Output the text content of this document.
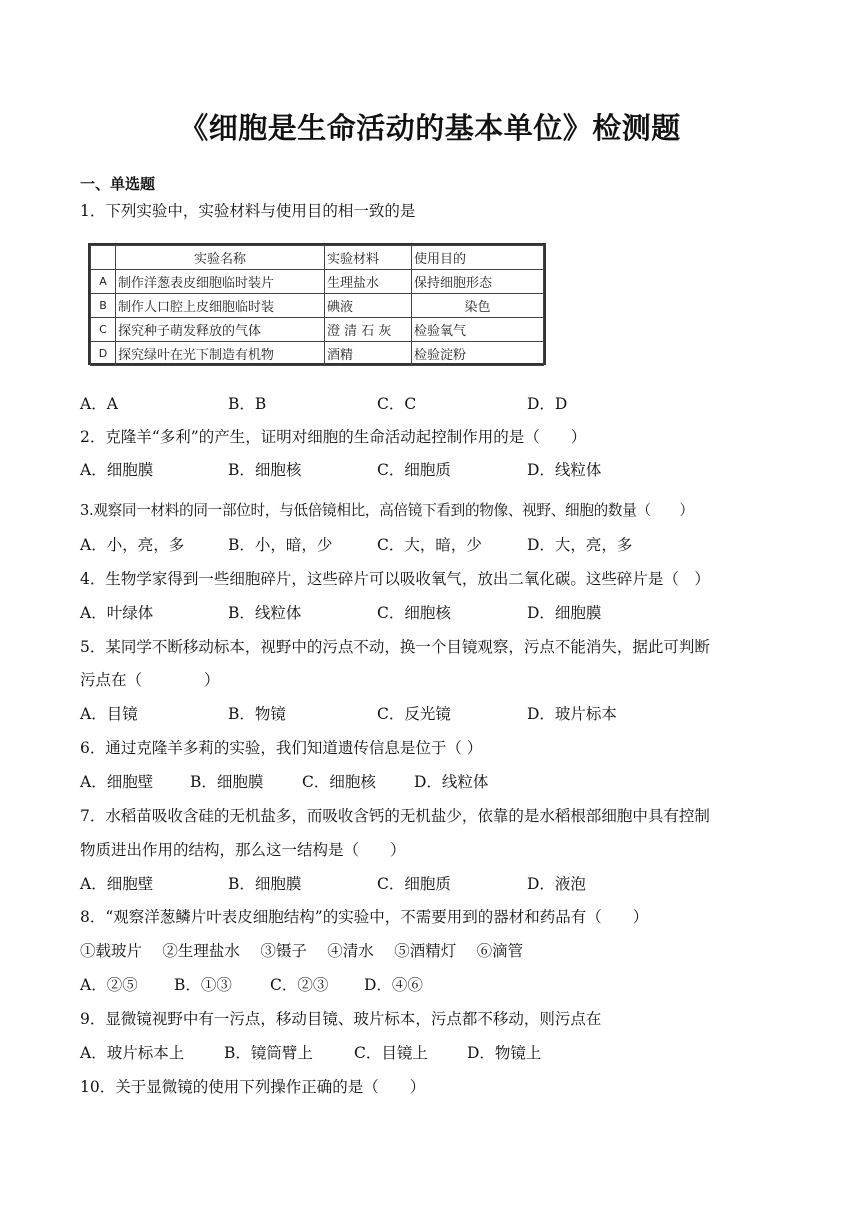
《细胞是生命活动的基本单位》检测题
一、单选题
1．下列实验中，实验材料与使用目的相一致的是
	实验名称	实验材料	使用目的
A	制作洋葱表皮细胞临时装片	生理盐水	保持细胞形态
B	制作人口腔上皮细胞临时装	碘液	染色
C	探究种子萌发释放的气体	澄 清 石 灰	检验氧气
D	探究绿叶在光下制造有机物	酒精	检验淀粉
A．A	B．B	C．C	D．D
2．克隆羊“多利”的产生，证明对细胞的生命活动起控制作用的是（　　）
A．细胞膜	B．细胞核	C．细胞质	D．线粒体
3.观察同一材料的同一部位时，与低倍镜相比，高倍镜下看到的物像、视野、细胞的数量（　　）
A．小，亮，多	B．小，暗，少	C．大，暗，少	D．大，亮，多
4．生物学家得到一些细胞碎片，这些碎片可以吸收氧气，放出二氧化碳。这些碎片是（　）
A．叶绿体	B．线粒体	C．细胞核	D．细胞膜
5．某同学不断移动标本，视野中的污点不动，换一个目镜观察，污点不能消失，据此可判断
污点在（　　　　）
A．目镜	B．物镜	C．反光镜	D．玻片标本
6．通过克隆羊多莉的实验，我们知道遗传信息是位于（ ）
A．细胞壁 B．细胞膜 C．细胞核 D．线粒体
7．水稻苗吸收含硅的无机盐多，而吸收含钙的无机盐少，依靠的是水稻根部细胞中具有控制
物质进出作用的结构，那么这一结构是（　　）
A．细胞壁	B．细胞膜	C．细胞质	D．液泡
8．“观察洋葱鳞片叶表皮细胞结构”的实验中，不需要用到的器材和药品有（　　）
①载玻片　 ②生理盐水　 ③镊子　 ④清水　 ⑤酒精灯　 ⑥滴管
A．②⑤ B．①③ C．②③ D．④⑥
9．显微镜视野中有一污点，移动目镜、玻片标本，污点都不移动，则污点在
A．玻片标本上	B．镜筒臂上	C．目镜上	D．物镜上
10．关于显微镜的使用下列操作正确的是（　　）
